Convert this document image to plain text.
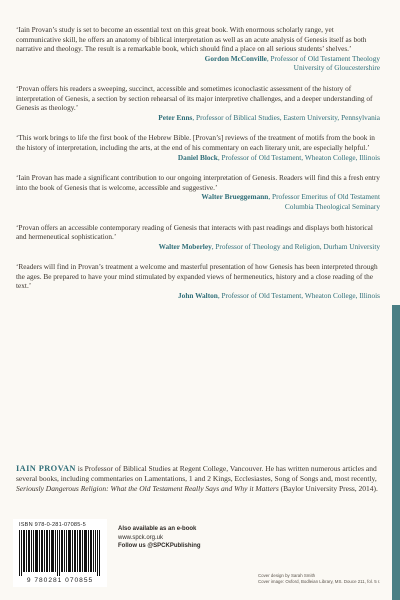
‘Iain Provan’s study is set to become an essential text on this great book. With enormous scholarly range, yet communicative skill, he offers an anatomy of biblical interpretation as well as an acute analysis of Genesis itself as both narrative and theology. The result is a remarkable book, which should find a place on all serious students’ shelves.’

Gordon McConville, Professor of Old Testament Theology

University of Gloucestershire

‘Provan offers his readers a sweeping, succinct, accessible and sometimes iconoclastic assessment of the history of interpretation of Genesis, a section by section rehearsal of its major interpretive challenges, and a deeper understanding of Genesis as theology.’

Peter Enns, Professor of Biblical Studies, Eastern University, Pennsylvania

‘This work brings to life the first book of the Hebrew Bible. [Provan’s] reviews of the treatment of motifs from the book in the history of interpretation, including the arts, at the end of his commentary on each literary unit, are especially helpful.’

Daniel Block, Professor of Old Testament, Wheaton College, Illinois

‘Iain Provan has made a significant contribution to our ongoing interpretation of Genesis. Readers will find this a fresh entry into the book of Genesis that is welcome, accessible and suggestive.’

Walter Brueggemann, Professor Emeritus of Old Testament

Columbia Theological Seminary

‘Provan offers an accessible contemporary reading of Genesis that interacts with past readings and displays both historical and hermeneutical sophistication.’

Walter Moberley, Professor of Theology and Religion, Durham University

‘Readers will find in Provan’s treatment a welcome and masterful presentation of how Genesis has been interpreted through the ages. Be prepared to have your mind stimulated by expanded views of hermeneutics, history and a close reading of the text.’

John Walton, Professor of Old Testament, Wheaton College, Illinois

IAIN PROVAN is Professor of Biblical Studies at Regent College, Vancouver. He has written numerous articles and several books, including commentaries on Lamentations, 1 and 2 Kings, Ecclesiastes, Song of Songs and, most recently, Seriously Dangerous Religion: What the Old Testament Really Says and Why it Matters (Baylor University Press, 2014).

ISBN 978-0-281-07085-5
9 780281 070855
Also available as an e-book
www.spck.org.uk
Follow us @SPCKPublishing
Cover design by Sarah Smith
Cover image: Oxford, Bodleian Library, MS. Douce 211, fol. 5 r.
